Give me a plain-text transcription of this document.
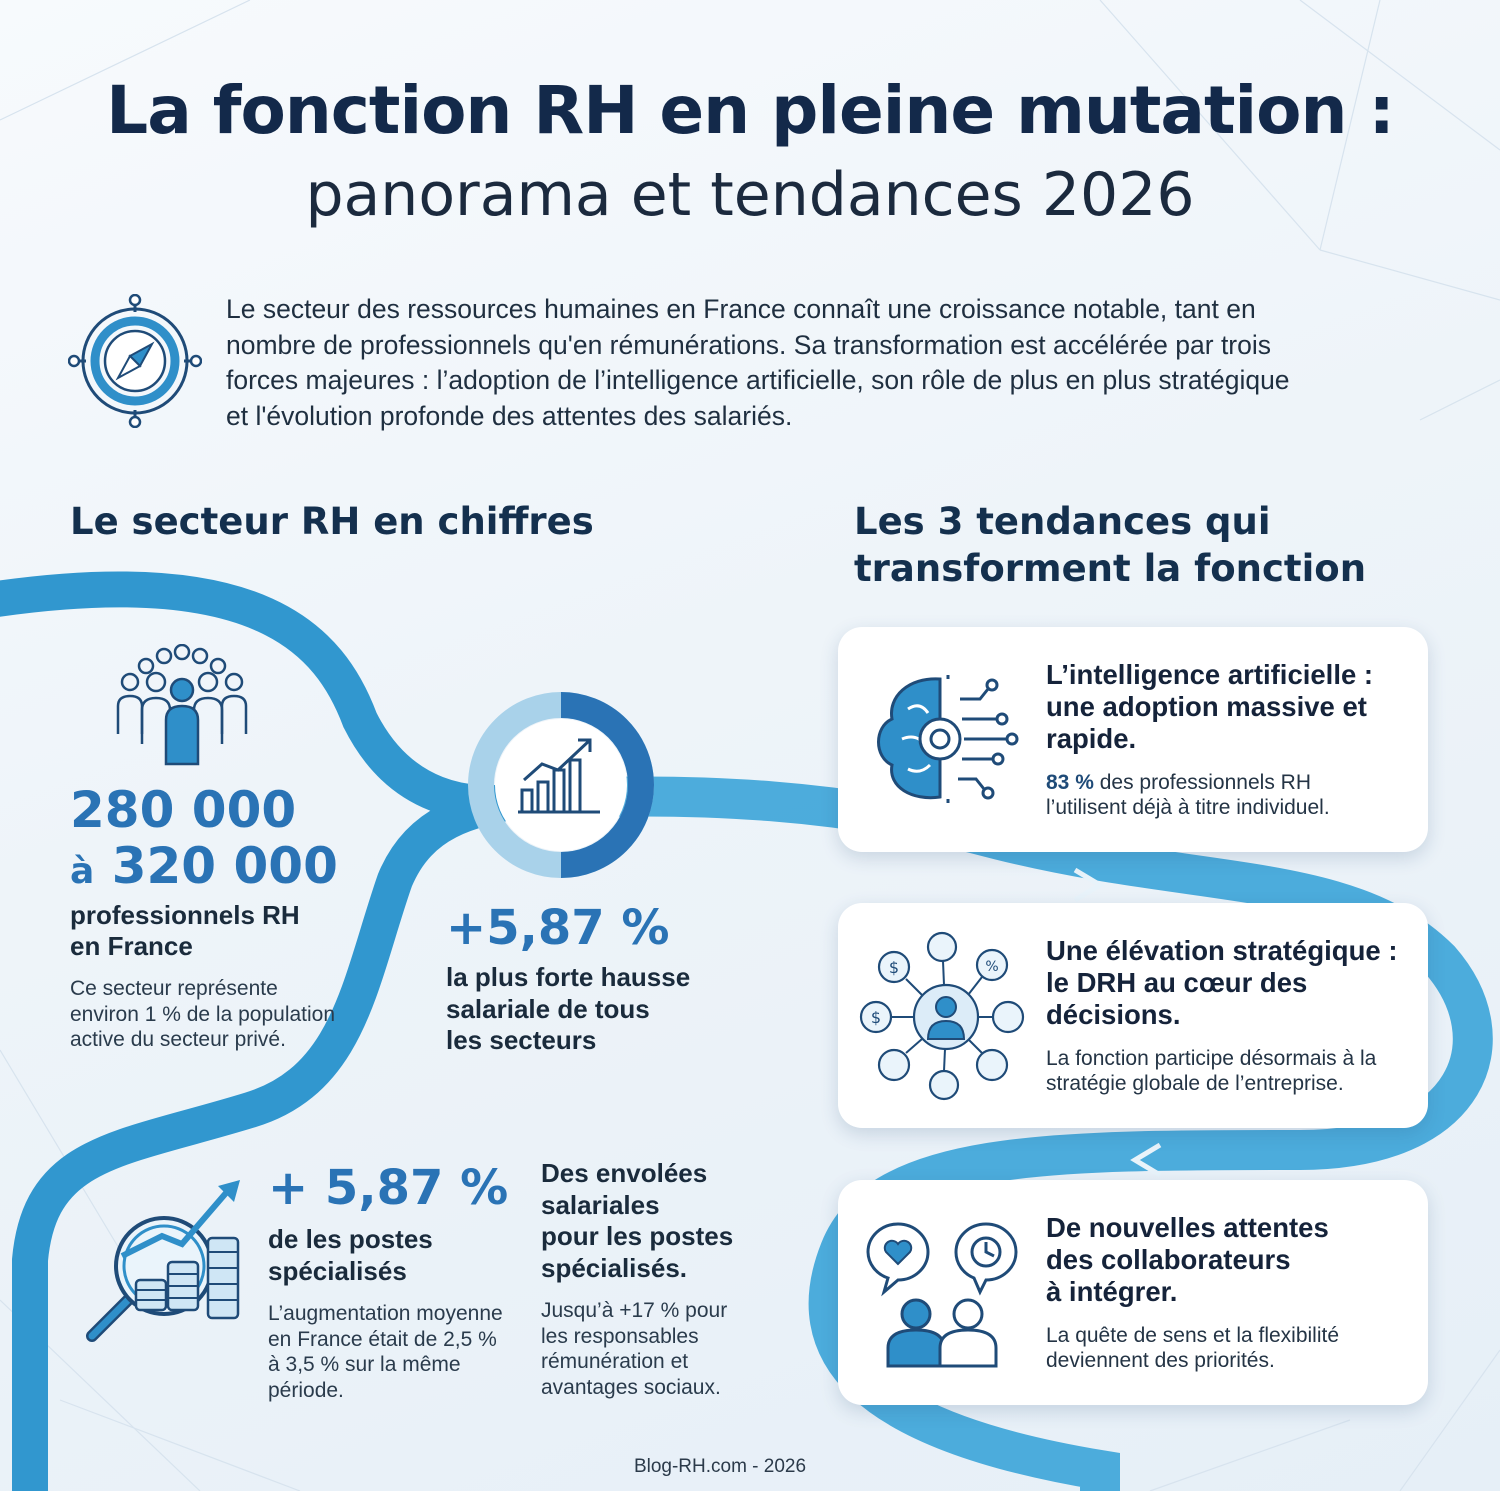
La fonction RH en pleine mutation :
panorama et tendances 2026
Le secteur des ressources humaines en France connaît une croissance notable, tant en
nombre de professionnels qu'en rémunérations. Sa transformation est accélérée par trois
forces majeures : l’adoption de l’intelligence artificielle, son rôle de plus en plus stratégique
et l'évolution profonde des attentes des salariés.
Le secteur RH en chiffres
280 000
à 320 000
professionnels RH
en France
Ce secteur représente
environ 1 % de la population
active du secteur privé.
+5,87 %
la plus forte hausse
salariale de tous
les secteurs
+ 5,87 %
de les postes
spécialisés
L’augmentation moyenne
en France était de 2,5 %
à 3,5 % sur la même
période.
Des envolées
salariales
pour les postes
spécialisés.
Jusqu’à +17 % pour
les responsables
rémunération et
avantages sociaux.
Les 3 tendances qui
transforment la fonction
L’intelligence artificielle :
une adoption massive et
rapide.
83 % des professionnels RH
l’utilisent déjà à titre individuel.
$
$
%
Une élévation stratégique :
le DRH au cœur des
décisions.
La fonction participe désormais à la
stratégie globale de l’entreprise.
De nouvelles attentes
des collaborateurs
à intégrer.
La quête de sens et la flexibilité
deviennent des priorités.
Blog-RH.com - 2026
